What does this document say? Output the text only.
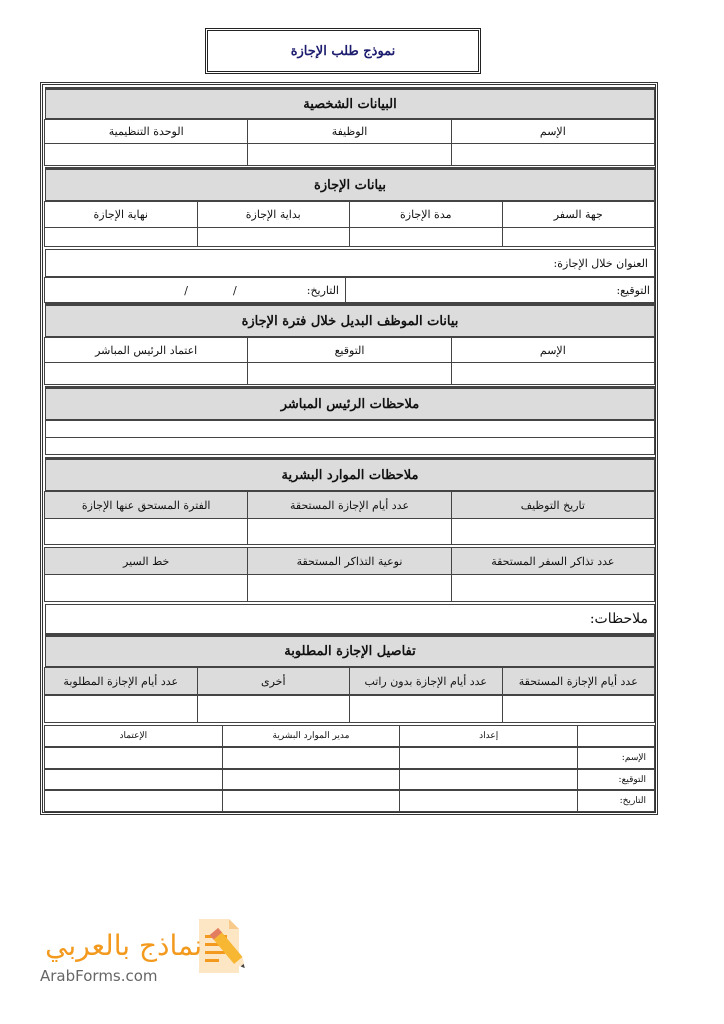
نموذج طلب الإجازة
البيانات الشخصية
الإسم
الوظيفة
الوحدة التنظيمية
بيانات الإجازة
جهة السفر
مدة الإجازة
بداية الإجازة
نهاية الإجازة
العنوان خلال الإجازة:
التوقيع:
التاريخ:
/
/
بيانات الموظف البديل خلال فترة الإجازة
الإسم
التوقيع
اعتماد الرئيس المباشر
ملاحظات الرئيس المباشر
ملاحظات الموارد البشرية
تاريخ التوظيف
عدد أيام الإجازة المستحقة
الفترة المستحق عنها الإجازة
عدد تذاكر السفر المستحقة
نوعية التذاكر المستحقة
خط السير
ملاحظات:
تفاصيل الإجازة المطلوبة
عدد أيام الإجازة المستحقة
عدد أيام الإجازة بدون راتب
أخرى
عدد أيام الإجازة المطلوبة
إعداد
مدير الموارد البشرية
الإعتماد
الإسم:
التوقيع:
التاريخ:
نماذج بالعربي
ArabForms.com
